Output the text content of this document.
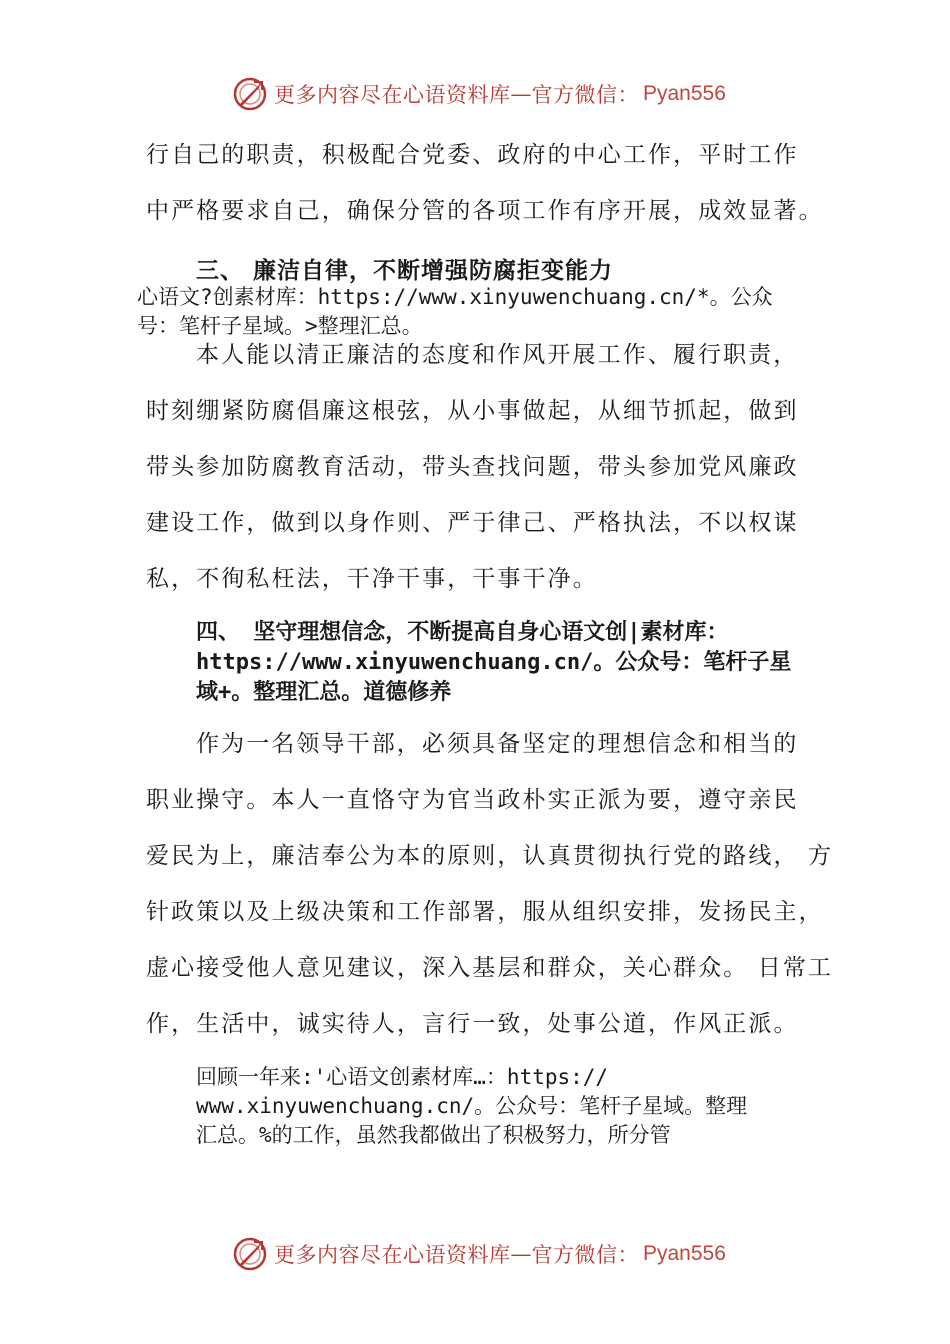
更多内容尽在心语资料库 — 官方微信： Pyan556
行自己的职责，积极配合党委、政府的中心工作，平时工作
中严格要求自己，确保分管的各项工作有序开展，成效显著。
三、 廉洁自律，不断增强防腐拒变能力
心语文?创素材库：https://www.xinyuwenchuang.cn/*。公众
号：笔杆子星域。>整理汇总。
本人能以清正廉洁的态度和作风开展工作、履行职责，
时刻绷紧防腐倡廉这根弦，从小事做起，从细节抓起，做到
带头参加防腐教育活动，带头查找问题，带头参加党风廉政
建设工作，做到以身作则、严于律己、严格执法，不以权谋
私，不徇私枉法，干净干事，干事干净。
四、 坚守理想信念，不断提高自身心语文创|素材库：
https://www.xinyuwenchuang.cn/。公众号：笔杆子星
域+。整理汇总。道德修养
作为一名领导干部，必须具备坚定的理想信念和相当的
职业操守。本人一直恪守为官当政朴实正派为要，遵守亲民
爱民为上，廉洁奉公为本的原则，认真贯彻执行党的路线， 方
针政策以及上级决策和工作部署，服从组织安排，发扬民主，
虚心接受他人意见建议，深入基层和群众，关心群众。 日常工
作，生活中，诚实待人，言行一致，处事公道，作风正派。
回顾一年来:'心语文创素材库…：https://
www.xinyuwenchuang.cn/。公众号：笔杆子星域。整理
汇总。%的工作，虽然我都做出了积极努力，所分管
更多内容尽在心语资料库 — 官方微信： Pyan556
